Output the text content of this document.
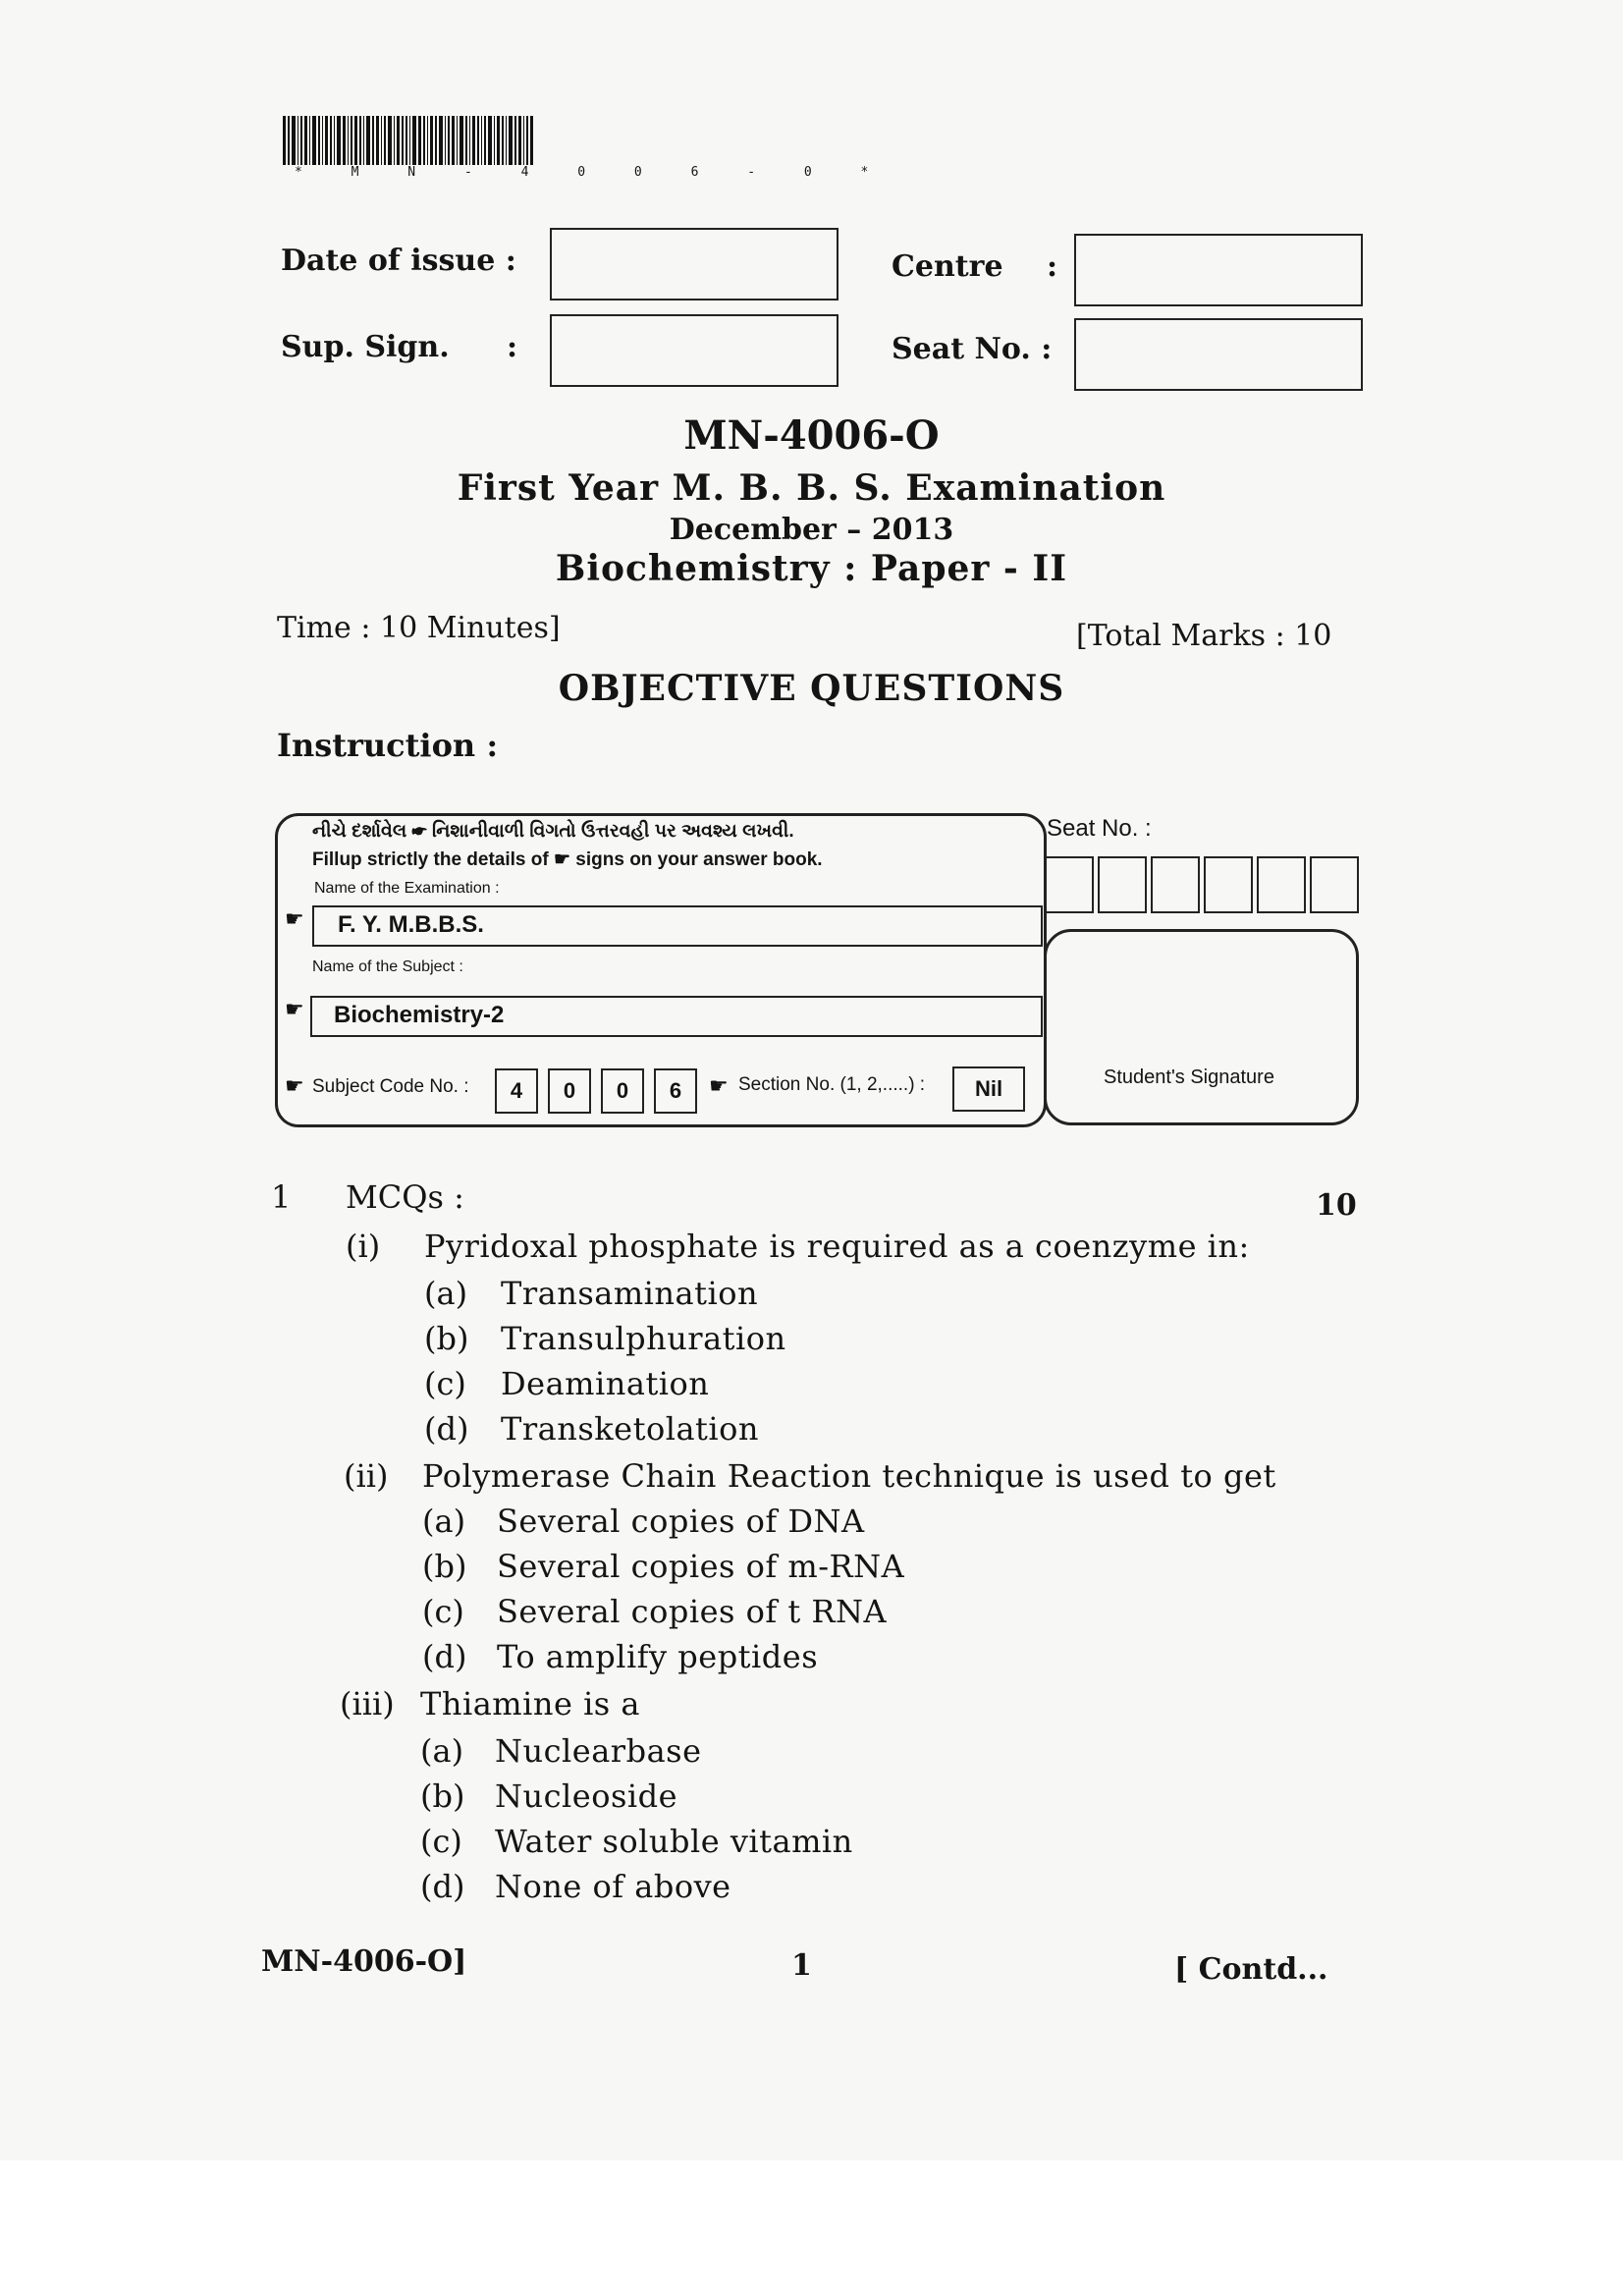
* M N - 4 0 0 6 - 0 *
Date of issue :
Sup. Sign. :
Centre :
Seat No. :
MN-4006-O
First Year M. B. B. S. Examination
December – 2013
Biochemistry : Paper - II
Time : 10 Minutes]	[Total Marks : 10
OBJECTIVE QUESTIONS
Instruction :
નીચે દર્શાવેલ ☛ નિશાનીવાળી વિગતો ઉત્તરવહી પર અવશ્ય લખવી.
Fillup strictly the details of ☛ signs on your answer book.
Name of the Examination :
☛ F. Y. M.B.B.S.
Name of the Subject :
☛ Biochemistry-2
☛ Subject Code No. :	4	0	0	6	☛ Section No. (1, 2,.....) :	Nil
Seat No. :
Student's Signature
1 MCQs :	10
(i) Pyridoxal phosphate is required as a coenzyme in:
(a) Transamination
(b) Transulphuration
(c) Deamination
(d) Transketolation
(ii) Polymerase Chain Reaction technique is used to get
(a) Several copies of DNA
(b) Several copies of m-RNA
(c) Several copies of t RNA
(d) To amplify peptides
(iii) Thiamine is a
(a) Nuclearbase
(b) Nucleoside
(c) Water soluble vitamin
(d) None of above
MN-4006-O]	1	[ Contd...
